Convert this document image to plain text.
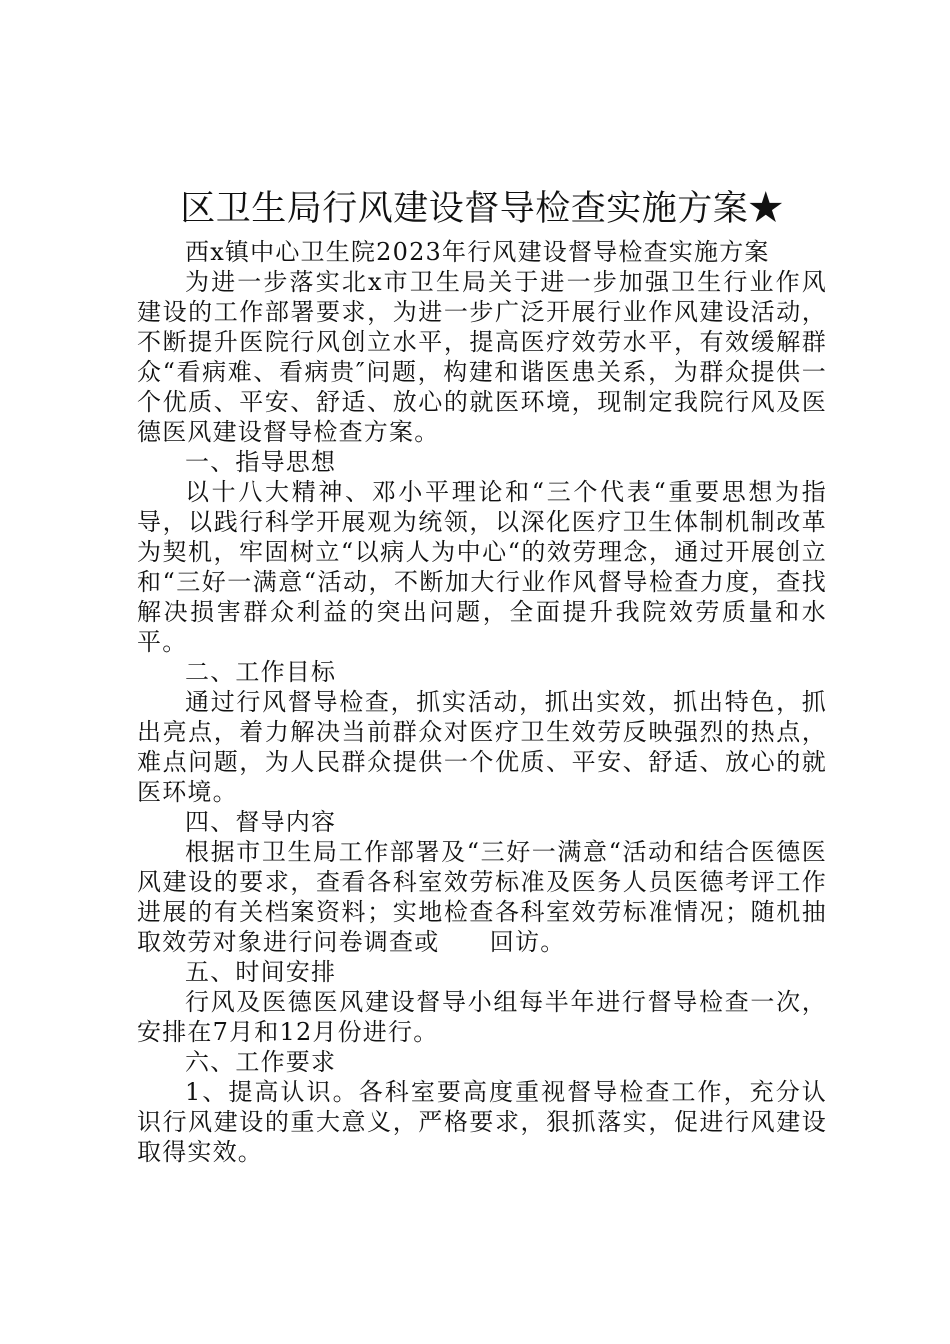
区卫生局行风建设督导检查实施方案★

西x镇中心卫生院2023年行风建设督导检查实施方案

为进一步落实北x市卫生局关于进一步加强卫生行业作风建设的工作部署要求，为进一步广泛开展行业作风建设活动，不断提升医院行风创立水平，提高医疗效劳水平，有效缓解群众“看病难、看病贵″问题，构建和谐医患关系，为群众提供一个优质、平安、舒适、放心的就医环境，现制定我院行风及医德医风建设督导检查方案。

一、指导思想

以十八大精神、邓小平理论和“三个代表“重要思想为指导，以践行科学开展观为统领，以深化医疗卫生体制机制改革为契机，牢固树立“以病人为中心“的效劳理念，通过开展创立和“三好一满意“活动，不断加大行业作风督导检查力度，查找解决损害群众利益的突出问题，全面提升我院效劳质量和水平。

二、工作目标

通过行风督导检查，抓实活动，抓出实效，抓出特色，抓出亮点，着力解决当前群众对医疗卫生效劳反映强烈的热点，难点问题，为人民群众提供一个优质、平安、舒适、放心的就医环境。

四、督导内容

根据市卫生局工作部署及“三好一满意“活动和结合医德医风建设的要求，查看各科室效劳标准及医务人员医德考评工作进展的有关档案资料；实地检查各科室效劳标准情况；随机抽取效劳对象进行问卷调查或　　回访。

五、时间安排

行风及医德医风建设督导小组每半年进行督导检查一次，安排在7月和12月份进行。

六、工作要求

1、提高认识。各科室要高度重视督导检查工作，充分认识行风建设的重大意义，严格要求，狠抓落实，促进行风建设取得实效。
